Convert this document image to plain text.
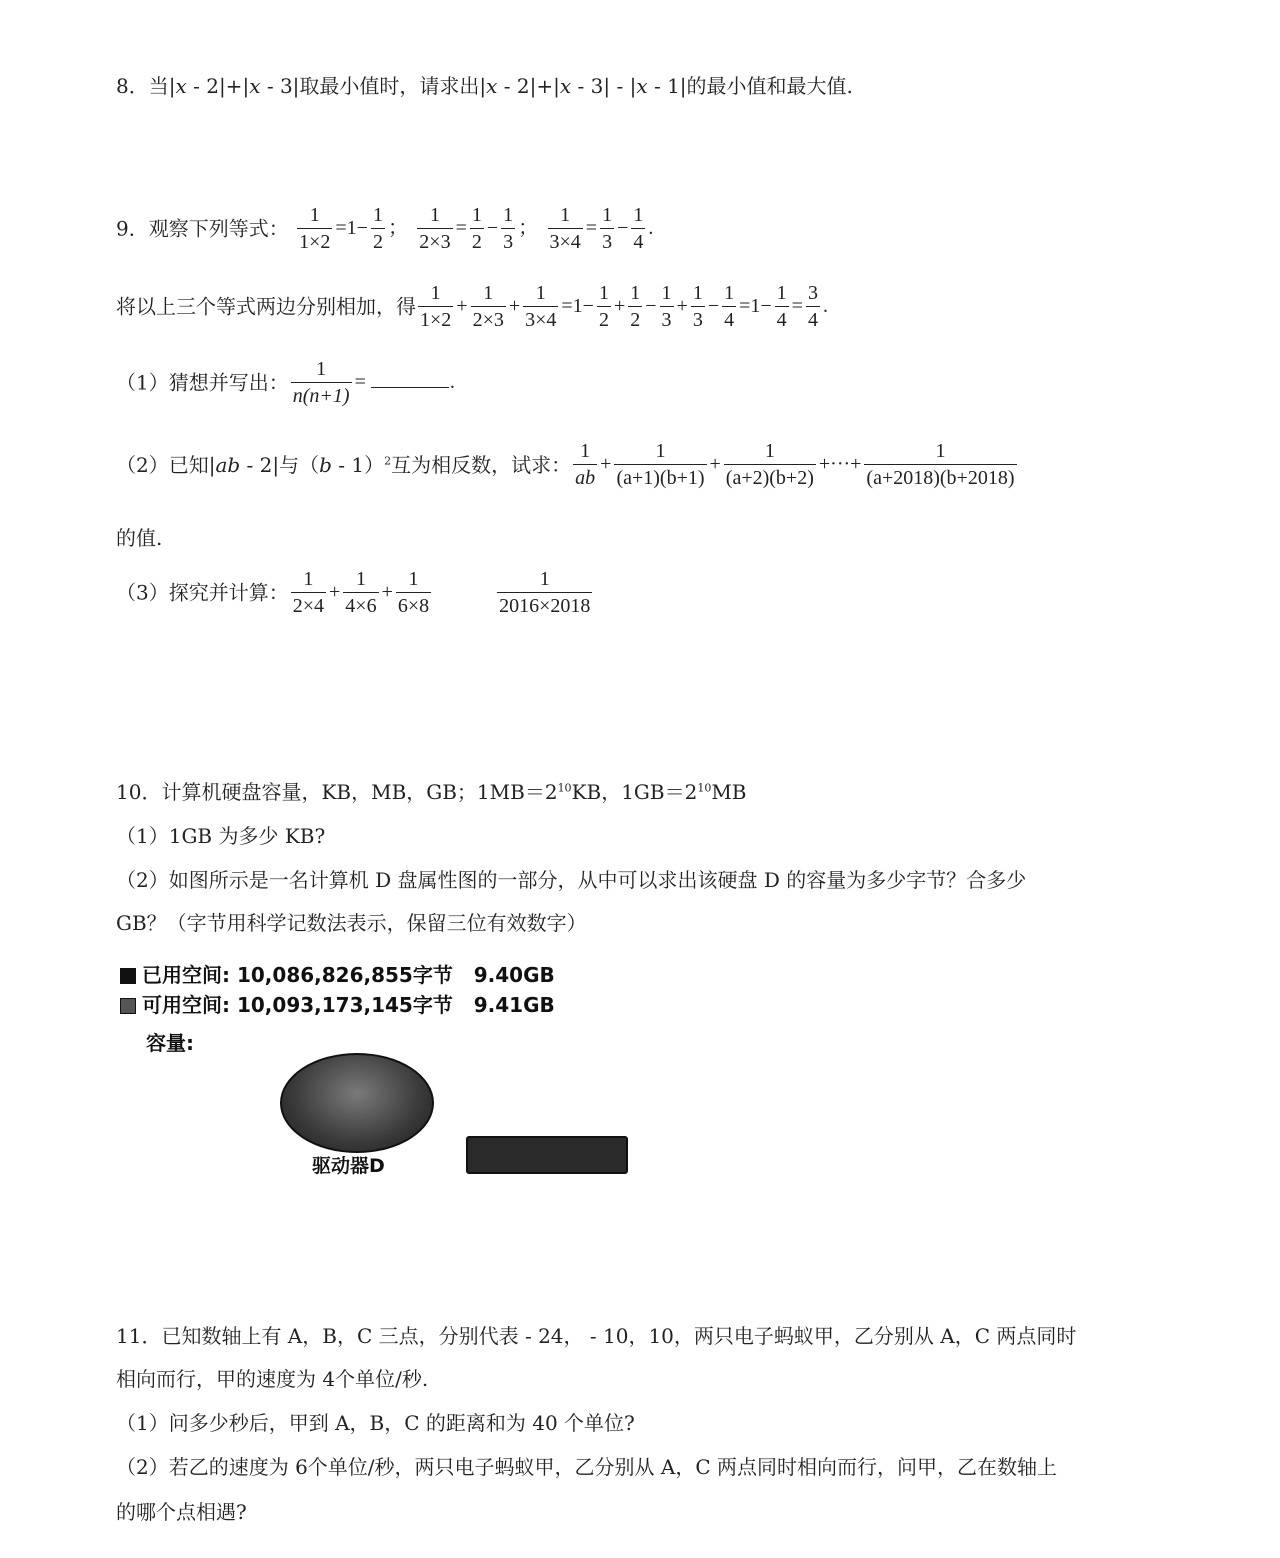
8．当|x - 2|+|x - 3|取最小值时，请求出|x - 2|+|x - 3| - |x - 1|的最小值和最大值.
9．观察下列等式： $\frac{1}{1\times 2} =1- \frac{1}{2}$ ； $\frac{1}{2\times 3} = \frac{1}{2} - \frac{1}{3}$ ； $\frac{1}{3\times 4} = \frac{1}{3} - \frac{1}{4}$ .
将以上三个等式两边分别相加，得 $\frac{1}{1\times 2} + \frac{1}{2\times 3} + \frac{1}{3\times 4} =1- \frac{1}{2} + \frac{1}{2} - \frac{1}{3} + \frac{1}{3} - \frac{1}{4} =1- \frac{1}{4} = \frac{3}{4}$ .
（1）猜想并写出： $\frac{1}{n(n+1)}$ =	.
（2）已知|ab - 2|与（b - 1）$^2$互为相反数，试求： $\frac{1}{ab} + \frac{1}{(a+1)(b+1)} + \frac{1}{(a+2)(b+2)}$ +···+ $\frac{1}{(a+2018)(b+2018)}$
的值.
（3）探究并计算： $\frac{1}{2\times 4} + \frac{1}{4\times 6} + \frac{1}{6\times 8}$	$\frac{1}{2016\times 2018}$
10．计算机硬盘容量，KB，MB，GB；$1MB=2^{10}KB$，$1GB=2^{10}MB$
（1）1GB 为多少 KB?
（2）如图所示是一名计算机 D 盘属性图的一部分，从中可以求出该硬盘 D 的容量为多少字节？合多少
GB？（字节用科学记数法表示，保留三位有效数字）
已用空间: 10,086,826,855字节 9.40GB
可用空间: 10,093,173,145字节 9.41GB
容量:
驱动器D
11．已知数轴上有 A，B，C 三点，分别代表 - 24， - 10，10，两只电子蚂蚁甲，乙分别从 A，C 两点同时
相向而行，甲的速度为 4个单位/秒.
（1）问多少秒后，甲到 A，B，C 的距离和为 40 个单位?
（2）若乙的速度为 6个单位/秒，两只电子蚂蚁甲，乙分别从 A，C 两点同时相向而行，问甲，乙在数轴上
的哪个点相遇?
